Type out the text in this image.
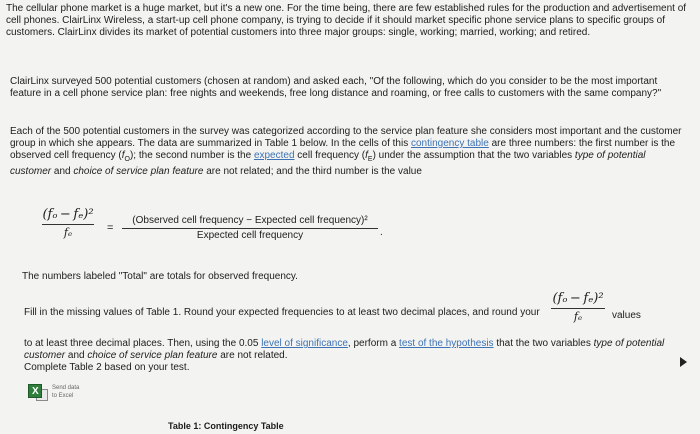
The cellular phone market is a huge market, but it's a new one. For the time being, there are few established rules for the production and advertisement of cell phones. ClairLinx Wireless, a start-up cell phone company, is trying to decide if it should market specific phone service plans to specific groups of customers. ClairLinx divides its market of potential customers into three major groups: single, working; married, working; and retired.
ClairLinx surveyed 500 potential customers (chosen at random) and asked each, "Of the following, which do you consider to be the most important feature in a cell phone service plan: free nights and weekends, free long distance and roaming, or free calls to customers with the same company?"
Each of the 500 potential customers in the survey was categorized according to the service plan feature she considers most important and the customer group in which she appears. The data are summarized in Table 1 below. In the cells of this contingency table are three numbers: the first number is the observed cell frequency $(f_O)$; the second number is the expected cell frequency $(f_E)$ under the assumption that the two variables type of potential customer and choice of service plan feature are not related; and the third number is the value
(fₒ − fₑ)²
fₑ	=
(Observed cell frequency − Expected cell frequency)²
Expected cell frequency	.
The numbers labeled "Total" are totals for observed frequency.
Fill in the missing values of Table 1. Round your expected frequencies to at least two decimal places, and round your
(fₒ − fₑ)²
fₑ	values
to at least three decimal places. Then, using the 0.05 level of significance, perform a test of the hypothesis that the two variables type of potential customer and choice of service plan feature are not related.
Complete Table 2 based on your test.
X
Send data
to Excel
Table 1: Contingency Table
